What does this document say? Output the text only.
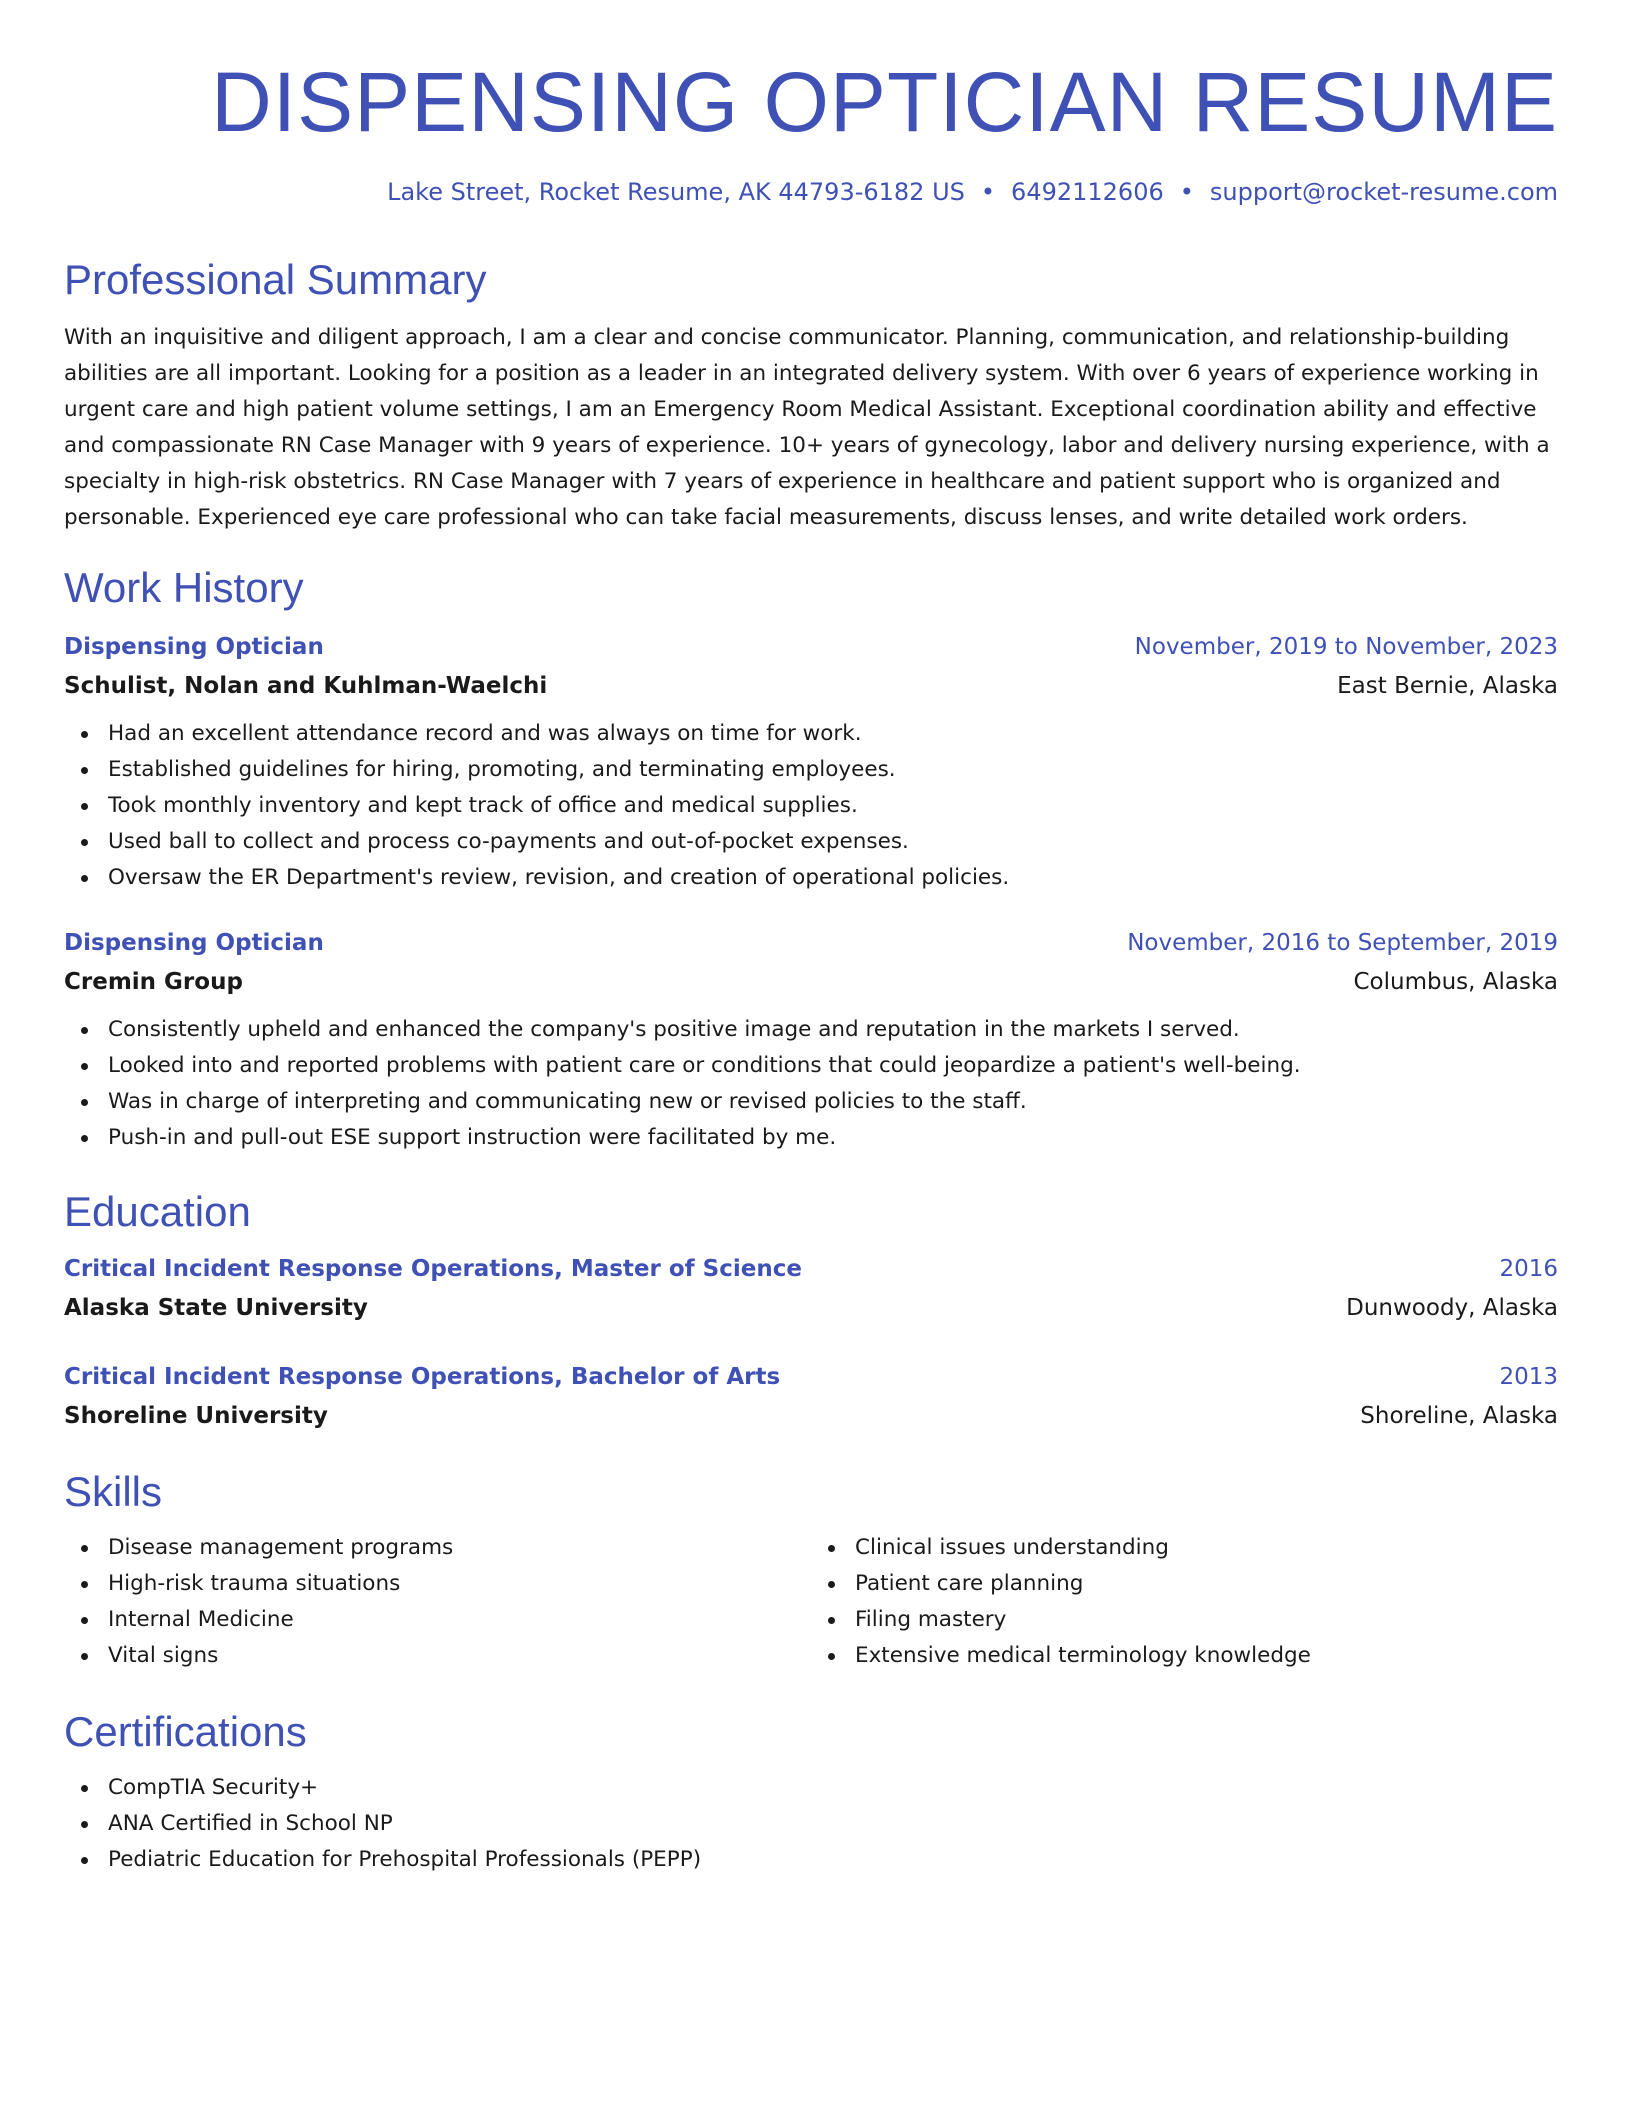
DISPENSING OPTICIAN RESUME
Lake Street, Rocket Resume, AK 44793-6182 US • 6492112606 • support@rocket-resume.com
Professional Summary

With an inquisitive and diligent approach, I am a clear and concise communicator. Planning, communication, and relationship-building abilities are all important. Looking for a position as a leader in an integrated delivery system. With over 6 years of experience working in urgent care and high patient volume settings, I am an Emergency Room Medical Assistant. Exceptional coordination ability and effective and compassionate RN Case Manager with 9 years of experience. 10+ years of gynecology, labor and delivery nursing experience, with a specialty in high-risk obstetrics. RN Case Manager with 7 years of experience in healthcare and patient support who is organized and personable. Experienced eye care professional who can take facial measurements, discuss lenses, and write detailed work orders.

Work History
Dispensing Optician	November, 2019 to November, 2023
Schulist, Nolan and Kuhlman-Waelchi	East Bernie, Alaska
Had an excellent attendance record and was always on time for work.
Established guidelines for hiring, promoting, and terminating employees.
Took monthly inventory and kept track of office and medical supplies.
Used ball to collect and process co-payments and out-of-pocket expenses.
Oversaw the ER Department's review, revision, and creation of operational policies.
Dispensing Optician	November, 2016 to September, 2019
Cremin Group	Columbus, Alaska
Consistently upheld and enhanced the company's positive image and reputation in the markets I served.
Looked into and reported problems with patient care or conditions that could jeopardize a patient's well-being.
Was in charge of interpreting and communicating new or revised policies to the staff.
Push-in and pull-out ESE support instruction were facilitated by me.
Education
Critical Incident Response Operations, Master of Science	2016
Alaska State University	Dunwoody, Alaska
Critical Incident Response Operations, Bachelor of Arts	2013
Shoreline University	Shoreline, Alaska
Skills
Disease management programs
High-risk trauma situations
Internal Medicine
Vital signs
Clinical issues understanding
Patient care planning
Filing mastery
Extensive medical terminology knowledge
Certifications
CompTIA Security+
ANA Certified in School NP
Pediatric Education for Prehospital Professionals (PEPP)
